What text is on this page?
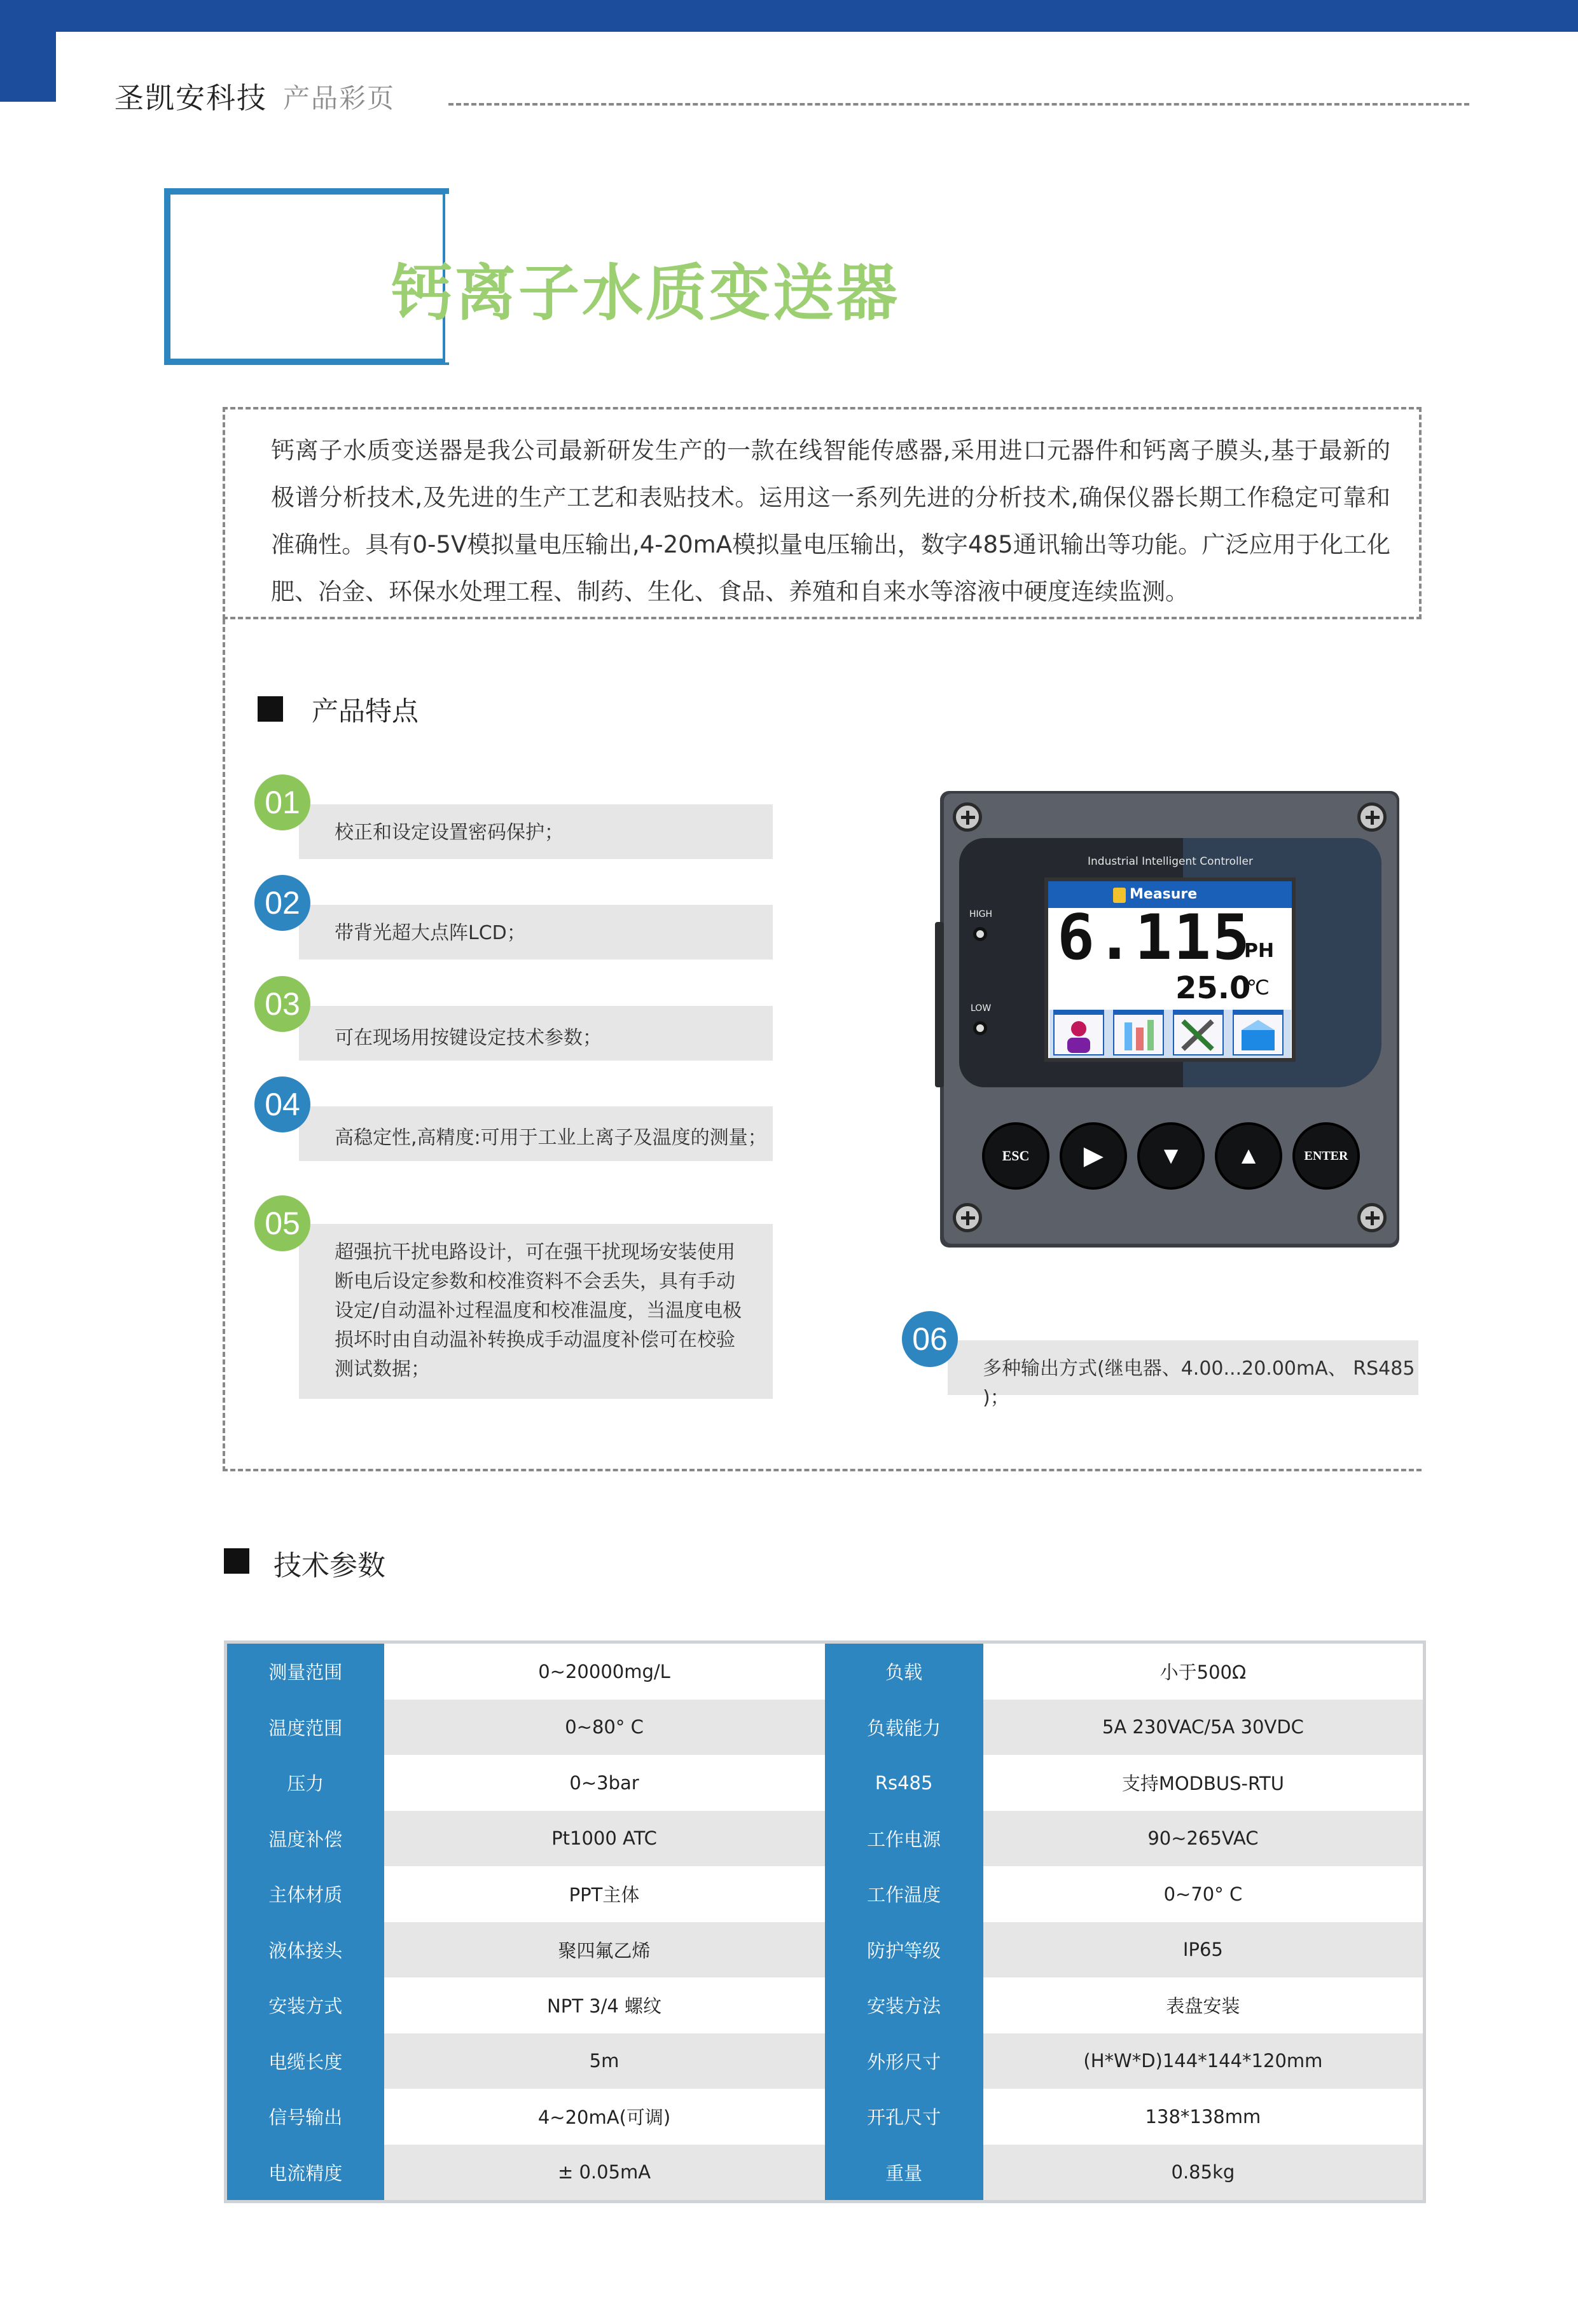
圣凯安科技 产品彩页
钙离子水质变送器
钙离子水质变送器是我公司最新研发生产的一款在线智能传感器,采用进口元器件和钙离子膜头,基于最新的极谱分析技术,及先进的生产工艺和表贴技术。运用这一系列先进的分析技术,确保仪器长期工作稳定可靠和准确性。具有0-5V模拟量电压输出,4-20mA模拟量电压输出，数字485通讯输出等功能。广泛应用于化工化肥、冶金、环保水处理工程、制药、生化、食品、养殖和自来水等溶液中硬度连续监测。
产品特点
校正和设定设置密码保护；
01
带背光超大点阵LCD；
02
可在现场用按键设定技术参数；
03
高稳定性,高精度:可用于工业上离子及温度的测量；
04
超强抗干扰电路设计，可在强干扰现场安装使用断电后设定参数和校准资料不会丢失，具有手动设定/自动温补过程温度和校准温度，当温度电极损坏时由自动温补转换成手动温度补偿可在校验测试数据；
05
多种输出方式(继电器、4.00...20.00mA、 RS485 )；
06
Industrial Intelligent Controller
HIGH
LOW
Measure
6.115
PH
25.0
℃
ESC	▶	▼	▲	ENTER
技术参数
测量范围	0~20000mg/L	负载	小于500Ω
温度范围	0~80° C	负载能力	5A 230VAC/5A 30VDC
压力	0~3bar	Rs485	支持MODBUS-RTU
温度补偿	Pt1000 ATC	工作电源	90~265VAC
主体材质	PPT主体	工作温度	0~70° C
液体接头	聚四氟乙烯	防护等级	IP65
安装方式	NPT 3/4 螺纹	安装方法	表盘安装
电缆长度	5m	外形尺寸	(H*W*D)144*144*120mm
信号输出	4~20mA(可调)	开孔尺寸	138*138mm
电流精度	± 0.05mA	重量	0.85kg
